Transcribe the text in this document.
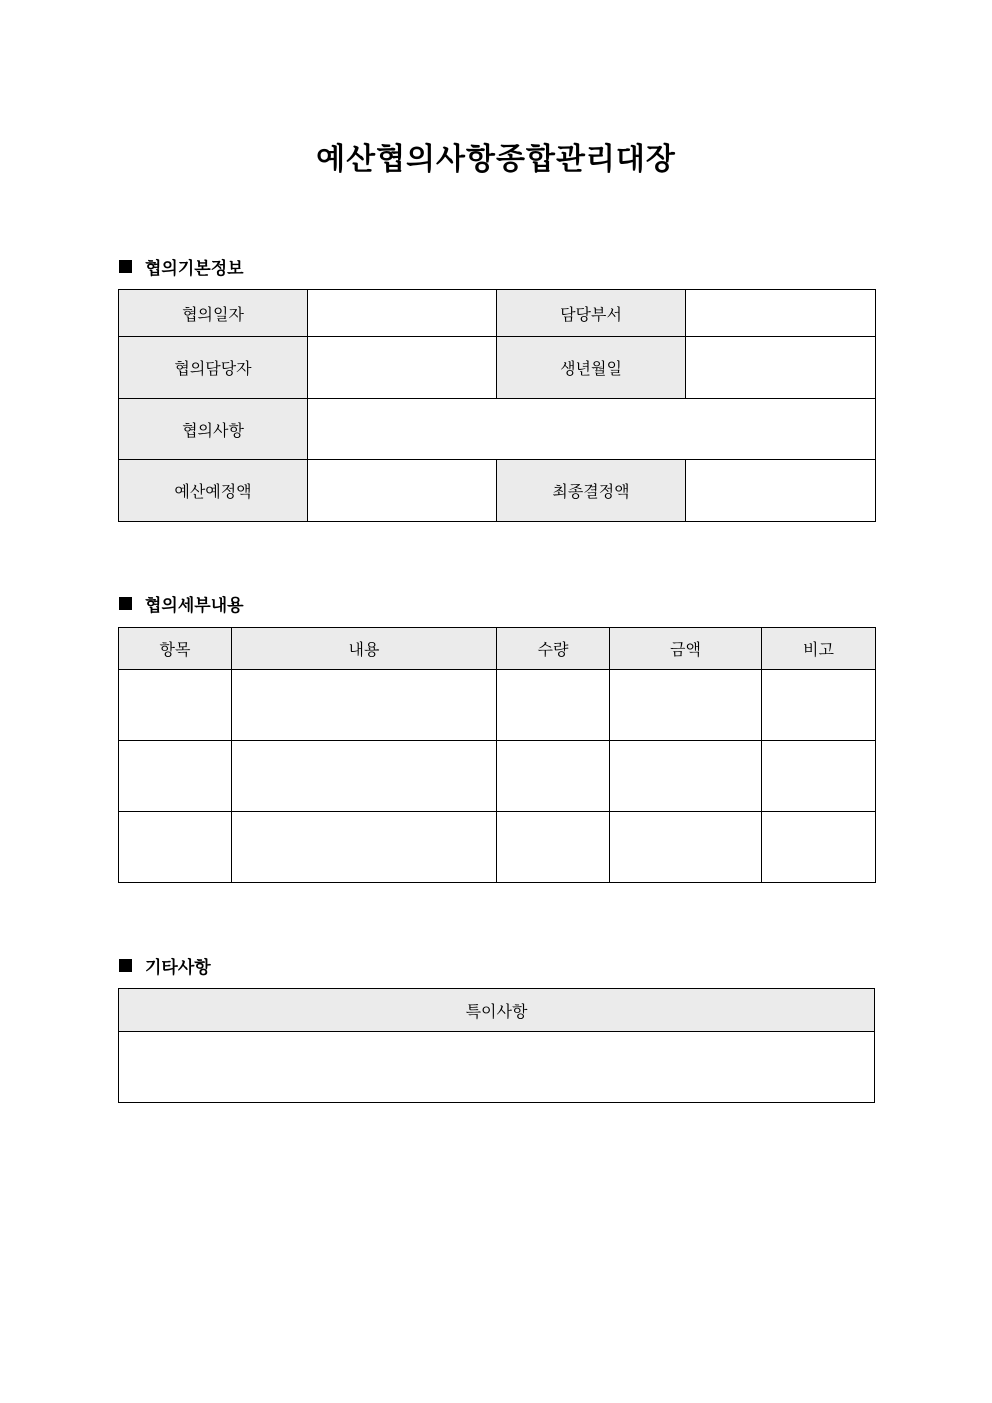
예산협의사항종합관리대장
협의기본정보
협의일자		담당부서	
협의담당자		생년월일	
협의사항			
예산예정액		최종결정액	
협의세부내용
항목	내용	수량	금액	비고

기타사항
특이사항
